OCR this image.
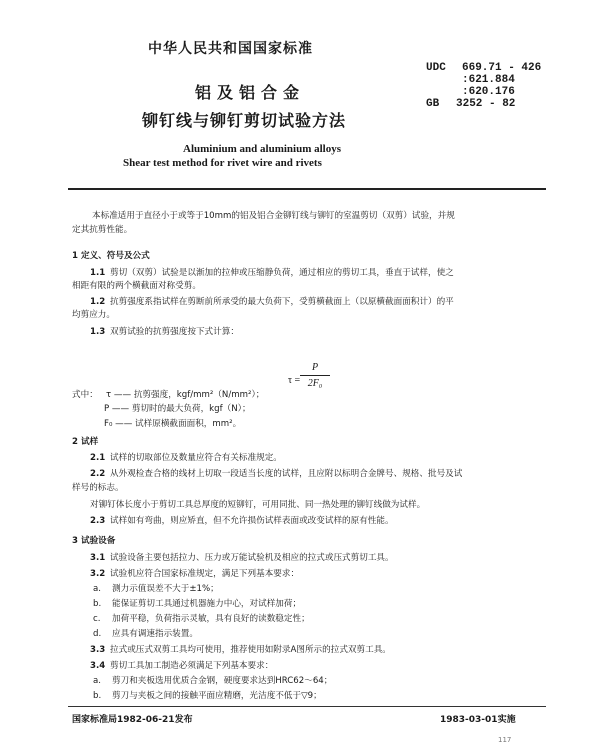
中华人民共和国国家标准
铝及铝合金
铆钉线与铆钉剪切试验方法
Aluminium and aluminium alloys
Shear test method for rivet wire and rivets
UDC 669.71 - 426
:621.884
:620.176
GB 3252 - 82
本标准适用于直径小于或等于10mm的铝及铝合金铆钉线与铆钉的室温剪切（双剪）试验，并规
定其抗剪性能。
1 定义、符号及公式
1.1 剪切（双剪）试验是以渐加的拉伸或压缩静负荷，通过相应的剪切工具，垂直于试样，使之
相距有限的两个横截面对称受剪。
1.2 抗剪强度系指试样在剪断前所承受的最大负荷下，受剪横截面上（以原横截面面积计）的平
均剪应力。
1.3 双剪试验的抗剪强度按下式计算：
τ =
P
2F₀
式中： τ —— 抗剪强度，kgf/mm²（N/mm²）；
P —— 剪切时的最大负荷，kgf（N）；
F₀ —— 试样原横截面面积，mm²。
2 试样
2.1 试样的切取部位及数量应符合有关标准规定。
2.2 从外观检查合格的线材上切取一段适当长度的试样，且应附以标明合金牌号、规格、批号及试
样号的标志。
对铆钉体长度小于剪切工具总厚度的短铆钉，可用同批、同一热处理的铆钉线做为试样。
2.3 试样如有弯曲，则应矫直，但不允许损伤试样表面或改变试样的原有性能。
3 试验设备
3.1 试验设备主要包括拉力、压力或万能试验机及相应的拉式或压式剪切工具。
3.2 试验机应符合国家标准规定，满足下列基本要求：
a. 测力示值误差不大于±1%；
b. 能保证剪切工具通过机器施力中心，对试样加荷；
c. 加荷平稳，负荷指示灵敏，具有良好的读数稳定性；
d. 应具有调速指示装置。
3.3 拉式或压式双剪工具均可使用，推荐使用如附录A图所示的拉式双剪工具。
3.4 剪切工具加工制造必须满足下列基本要求：
a. 剪刀和夹板选用优质合金钢，硬度要求达到HRC62～64；
b. 剪刀与夹板之间的接触平面应精磨，光洁度不低于▽9；
国家标准局1982-06-21发布	1983-03-01实施
117
